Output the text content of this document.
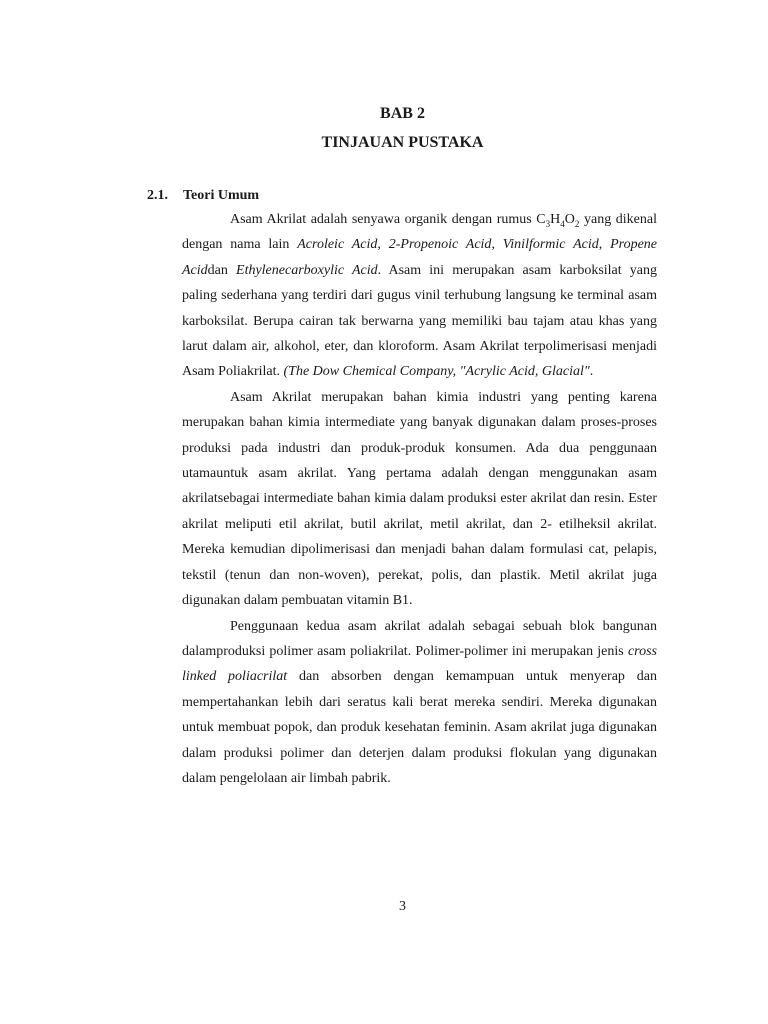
BAB 2
TINJAUAN PUSTAKA
2.1. Teori Umum

Asam Akrilat adalah senyawa organik dengan rumus $C_3H_4O_2$ yang dikenal dengan nama lain Acroleic Acid, 2-Propenoic Acid, Vinilformic Acid, Propene Aciddan Ethylenecarboxylic Acid. Asam ini merupakan asam karboksilat yang paling sederhana yang terdiri dari gugus vinil terhubung langsung ke terminal asam karboksilat. Berupa cairan tak berwarna yang memiliki bau tajam atau khas yang larut dalam air, alkohol, eter, dan kloroform. Asam Akrilat terpolimerisasi menjadi Asam Poliakrilat. (The Dow Chemical Company, "Acrylic Acid, Glacial".

Asam Akrilat merupakan bahan kimia industri yang penting karena merupakan bahan kimia intermediate yang banyak digunakan dalam proses-proses produksi pada industri dan produk-produk konsumen. Ada dua penggunaan utamauntuk asam akrilat. Yang pertama adalah dengan menggunakan asam akrilatsebagai intermediate bahan kimia dalam produksi ester akrilat dan resin. Ester akrilat meliputi etil akrilat, butil akrilat, metil akrilat, dan 2- etilheksil akrilat. Mereka kemudian dipolimerisasi dan menjadi bahan dalam formulasi cat, pelapis, tekstil (tenun dan non-woven), perekat, polis, dan plastik. Metil akrilat juga digunakan dalam pembuatan vitamin B1.

Penggunaan kedua asam akrilat adalah sebagai sebuah blok bangunan dalamproduksi polimer asam poliakrilat. Polimer-polimer ini merupakan jenis cross linked poliacrilat dan absorben dengan kemampuan untuk menyerap dan mempertahankan lebih dari seratus kali berat mereka sendiri. Mereka digunakan untuk membuat popok, dan produk kesehatan feminin. Asam akrilat juga digunakan dalam produksi polimer dan deterjen dalam produksi flokulan yang digunakan dalam pengelolaan air limbah pabrik.

3
